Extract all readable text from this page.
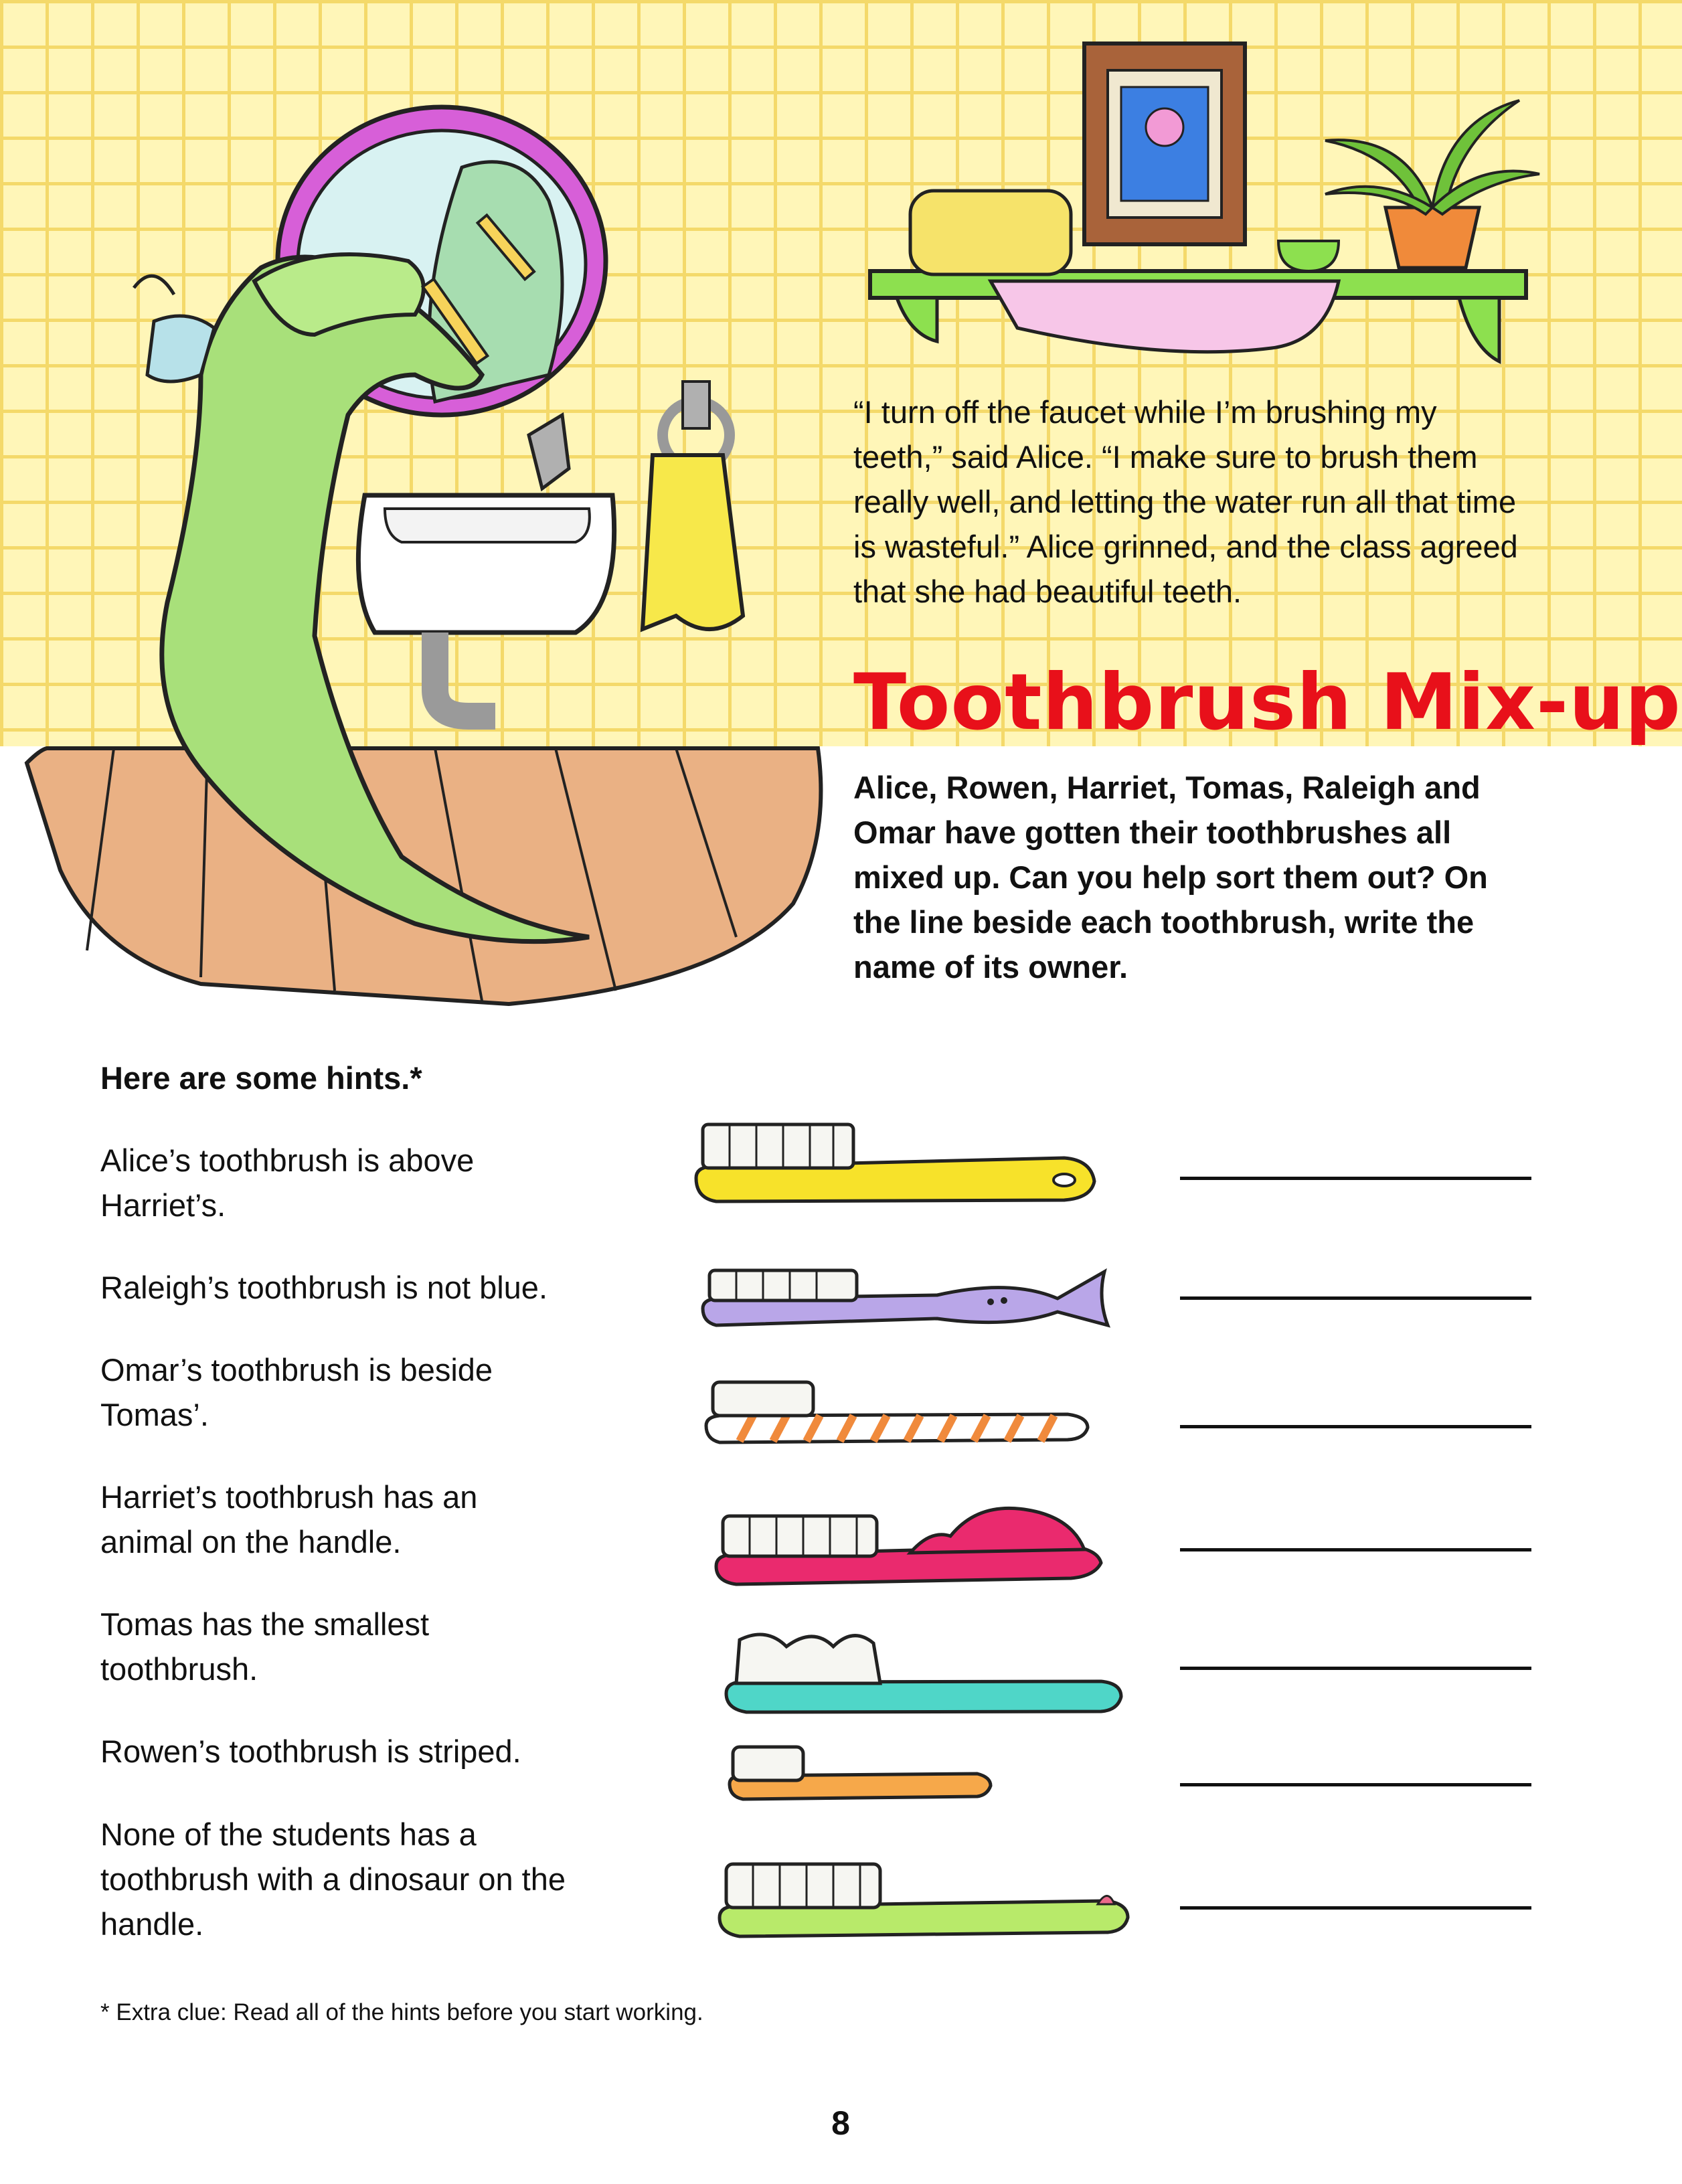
“I turn off the faucet while I’m brushing my
teeth,” said Alice. “I make sure to brush them
really well, and letting the water run all that time
is wasteful.” Alice grinned, and the class agreed
that she had beautiful teeth.
Toothbrush Mix-up
Alice, Rowen, Harriet, Tomas, Raleigh and
Omar have gotten their toothbrushes all
mixed up. Can you help sort them out? On
the line beside each toothbrush, write the
name of its owner.
Here are some hints.*
Alice’s toothbrush is above
Harriet’s.
Raleigh’s toothbrush is not blue.
Omar’s toothbrush is beside
Tomas’.
Harriet’s toothbrush has an
animal on the handle.
Tomas has the smallest
toothbrush.
Rowen’s toothbrush is striped.
None of the students has a
toothbrush with a dinosaur on the
handle.
* Extra clue: Read all of the hints before you start working.
8
